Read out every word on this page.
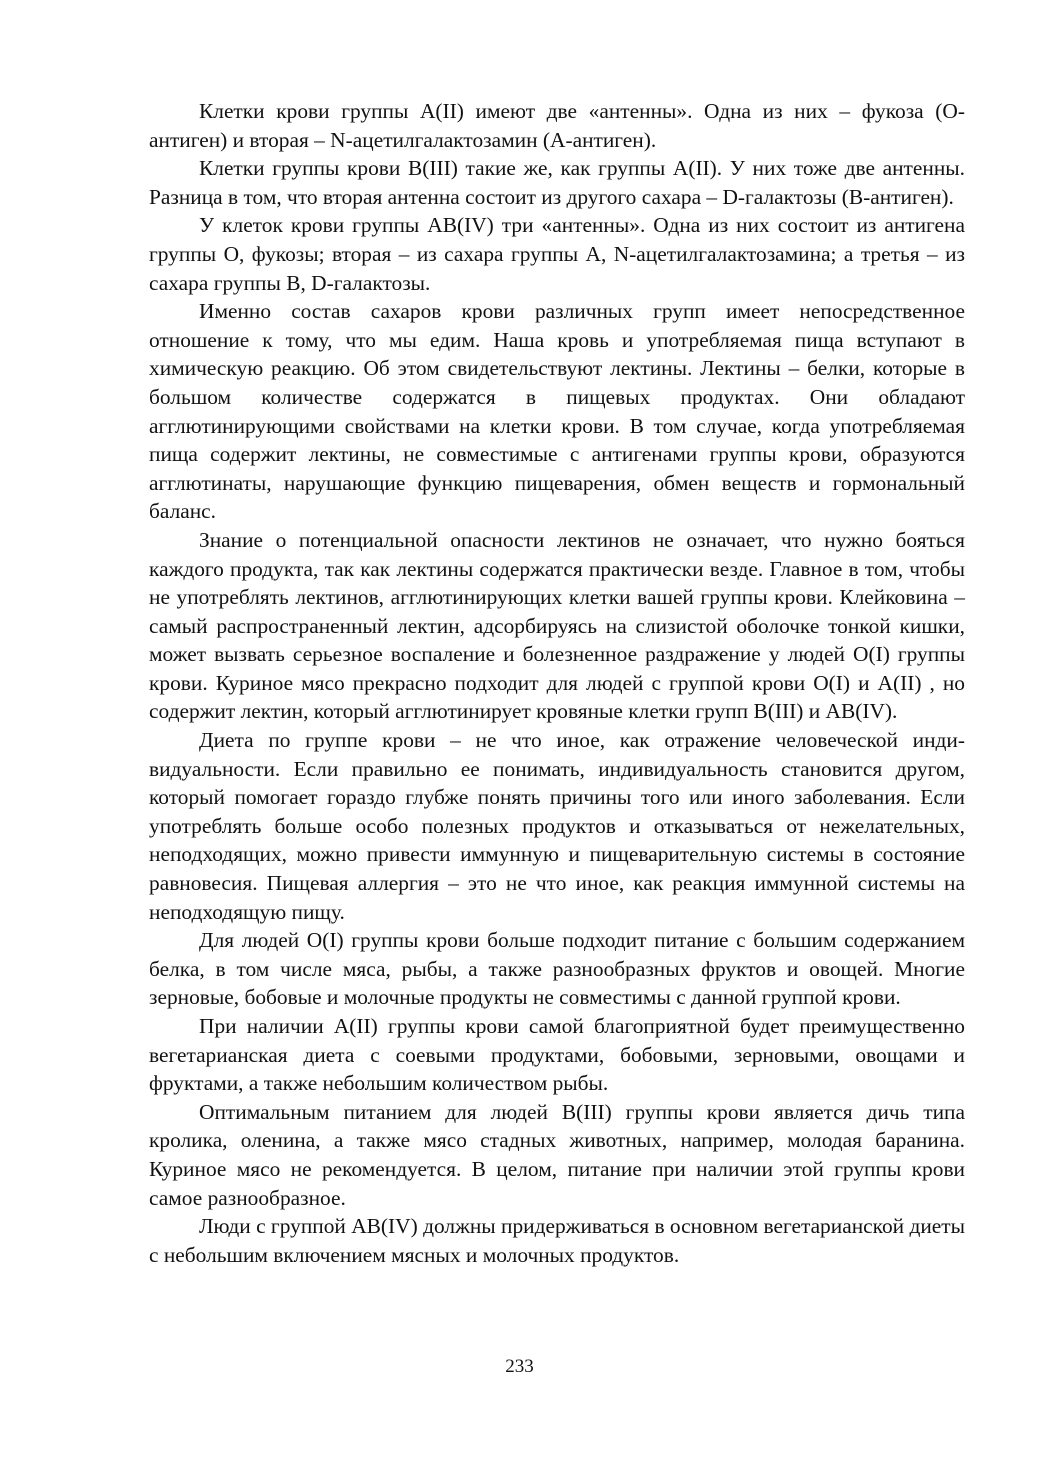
Клетки крови группы А(II) имеют две «антенны». Одна из них – фукоза (О-антиген) и вторая – N-ацетилгалактозамин (А-антиген).

Клетки группы крови В(III) такие же, как группы А(II). У них тоже две антенны. Разница в том, что вторая антенна состоит из другого сахара – D-галактозы (В-антиген).

У клеток крови группы АВ(IV) три «антенны». Одна из них состоит из антигена группы О, фукозы; вторая – из сахара группы А, N-ацетилгалактозамина; а третья – из сахара группы В, D-галактозы.

Именно состав сахаров крови различных групп имеет непосредственное отношение к тому, что мы едим. Наша кровь и употребляемая пища вступают в химическую реакцию. Об этом свидетельствуют лектины. Лектины – белки, которые в большом количестве содержатся в пищевых продуктах. Они обладают агглютинирующими свойствами на клетки крови. В том случае, когда употребляемая пища содержит лектины, не совместимые с антигенами группы крови, образуются агглютинаты, нарушающие функцию пищеварения, обмен веществ и гормональный баланс.

Знание о потенциальной опасности лектинов не означает, что нужно бояться каждого продукта, так как лектины содержатся практически везде. Главное в том, чтобы не употреблять лектинов, агглютинирующих клетки вашей группы крови. Клейковина – самый распространенный лектин, адсорбируясь на слизистой оболочке тонкой кишки, может вызвать серьезное воспаление и болезненное раздражение у людей О(I) группы крови. Куриное мясо прекрасно подходит для людей с группой крови О(I) и А(II) , но содержит лектин, который агглютинирует кровяные клетки групп В(III) и АВ(IV).

Диета по группе крови – не что иное, как отражение человеческой индивидуальности. Если правильно ее понимать, индивидуальность становится другом, который помогает гораздо глубже понять причины того или иного заболевания. Если употреблять больше особо полезных продуктов и отказываться от нежелательных, неподходящих, можно привести иммунную и пищеварительную системы в состояние равновесия. Пищевая аллергия – это не что иное, как реакция иммунной системы на неподходящую пищу.

Для людей О(I) группы крови больше подходит питание с большим содержанием белка, в том числе мяса, рыбы, а также разнообразных фруктов и овощей. Многие зерновые, бобовые и молочные продукты не совместимы с данной группой крови.

При наличии А(II) группы крови самой благоприятной будет преимущественно вегетарианская диета с соевыми продуктами, бобовыми, зерновыми, овощами и фруктами, а также небольшим количеством рыбы.

Оптимальным питанием для людей В(III) группы крови является дичь типа кролика, оленина, а также мясо стадных животных, например, молодая баранина. Куриное мясо не рекомендуется. В целом, питание при наличии этой группы крови самое разнообразное.

Люди с группой АВ(IV) должны придерживаться в основном вегетарианской диеты с небольшим включением мясных и молочных продуктов.

233
